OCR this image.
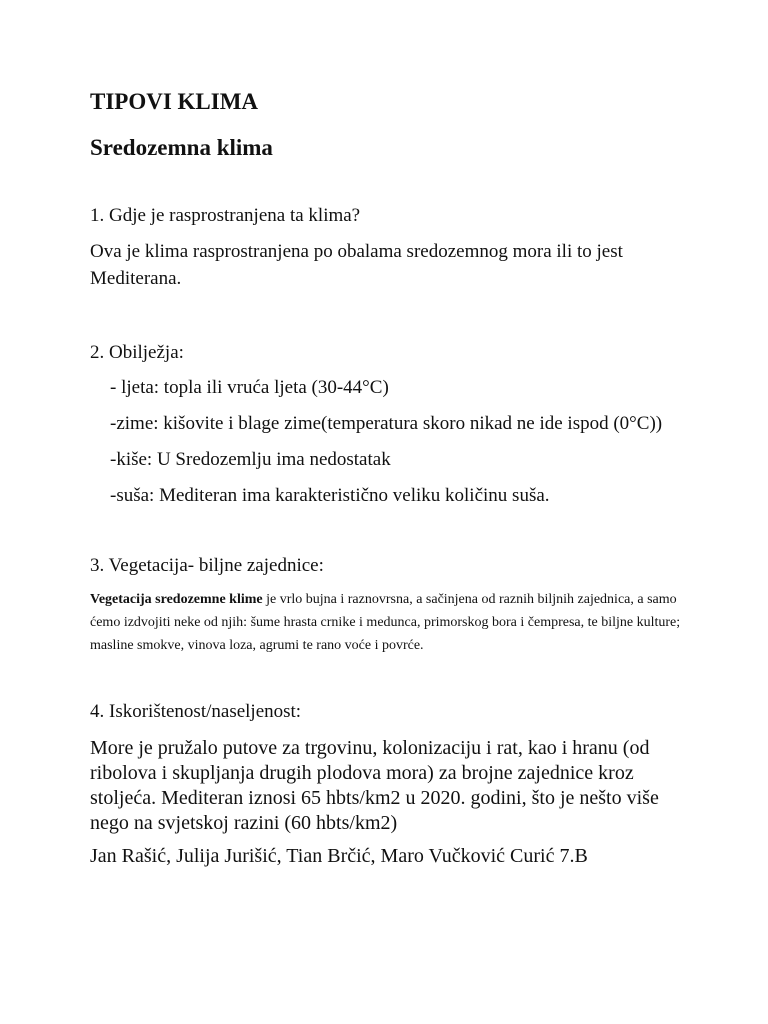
TIPOVI KLIMA
Sredozemna klima

1. Gdje je rasprostranjena ta klima?

Ova je klima rasprostranjena po obalama sredozemnog mora ili to jest Mediterana.

2. Obilježja:

- ljeta: topla ili vruća ljeta (30-44°C)

-zime: kišovite i blage zime(temperatura skoro nikad ne ide ispod (0°C))

-kiše: U Sredozemlju ima nedostatak

-suša: Mediteran ima karakteristično veliku količinu suša.

3. Vegetacija- biljne zajednice:

Vegetacija sredozemne klime je vrlo bujna i raznovrsna, a sačinjena od raznih biljnih zajednica, a samo ćemo izdvojiti neke od njih: šume hrasta crnike i medunca, primorskog bora i čempresa, te biljne kulture; masline smokve, vinova loza, agrumi te rano voće i povrće.

4. Iskorištenost/naseljenost:

More je pružalo putove za trgovinu, kolonizaciju i rat, kao i hranu (od ribolova i skupljanja drugih plodova mora) za brojne zajednice kroz stoljeća. Mediteran iznosi 65 hbts/km2 u 2020. godini, što je nešto više nego na svjetskoj razini (60 hbts/km2)

Jan Rašić, Julija Jurišić, Tian Brčić, Maro Vučković Curić 7.B
